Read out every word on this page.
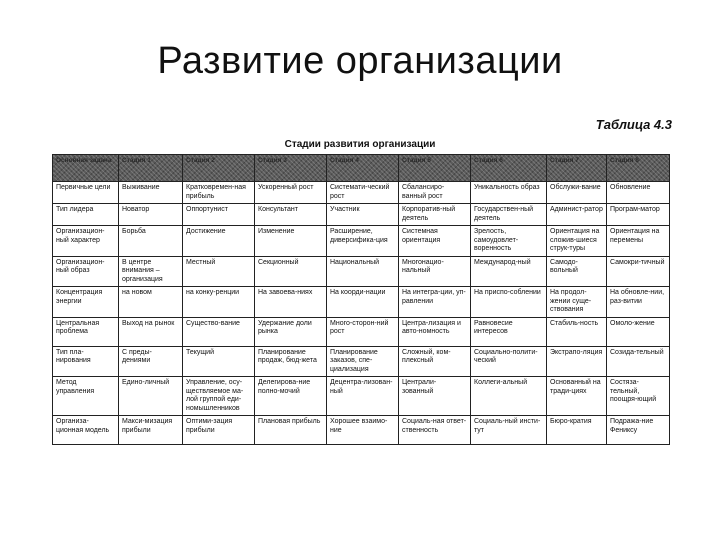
Развитие организации
Таблица 4.3
Стадии развития организации
Основная задача	Стадия 1	Стадия 2	Стадия 3	Стадия 4	Стадия 5	Стадия 6	Стадия 7	Стадия 8
Первичные цели	Выживание	Кратковремен-ная прибыль	Ускоренный рост	Системати-ческий рост	Сбалансиро-ванный рост	Уникальность образ	Обслужи-вание	Обновление
Тип лидера	Новатор	Оппортунист	Консультант	Участник	Корпоратив-ный деятель	Государствен-ный деятель	Админист-ратор	Програм-матор
Организацион-ный характер	Борьба	Достижение	Изменение	Расширение, диверсифика-ция	Системная ориентация	Зрелость, самоудовлет-воренность	Ориентация на сложив-шиеся струк-туры	Ориентация на перемены
Организацион-ный образ	В центре внимания – организация	Местный	Секционный	Национальный	Многонацио-нальный	Международ-ный	Самодо-вольный	Самокри-тичный
Концентрация энергии	на новом	на конку-ренции	На завоева-ниях	На коорди-нации	На интегра-ции, уп-равлении	На приспо-соблении	На продол-жении суще-ствования	На обновле-нии, раз-витии
Центральная проблема	Выход на рынок	Существо-вание	Удержание доли рынка	Много-сторон-ний рост	Центра-лизация и авто-номность	Равновесие интересов	Стабиль-ность	Омоло-жение
Тип пла-нирования	С преды-дениями	Текущий	Планирование продаж, бюд-жета	Планирование заказов, спе-циализация	Сложный, ком-плексный	Социально-полити-ческий	Экстрапо-ляция	Созида-тельный
Метод управления	Едино-личный	Управление, осу-ществляемое ма-лой группой еди-номышленников	Делегирова-ние полно-мочий	Децентра-лизован-ный	Централи-зованный	Коллеги-альный	Основанный на тради-циях	Состяза-тельный, поощря-ющий
Организа-ционная модель	Макси-мизация прибыли	Оптими-зация прибыли	Плановая прибыль	Хорошее взаимо-ние	Социаль-ная ответ-ственность	Социаль-ный инсти-тут	Бюро-кратия	Подража-ние Фениксу
